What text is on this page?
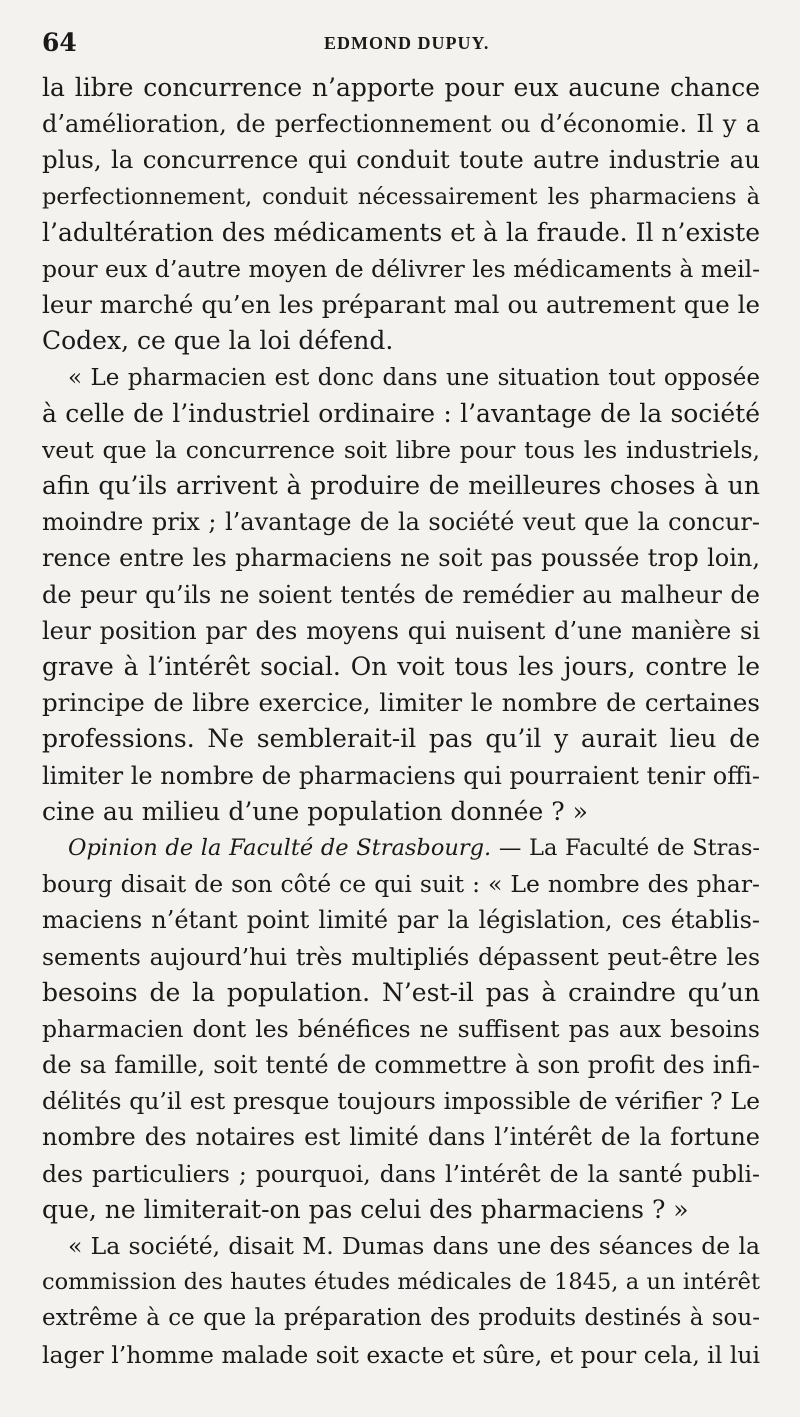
64	EDMOND DUPUY.
la libre concurrence n’apporte pour eux aucune chance
d’amélioration, de perfectionnement ou d’économie. Il y a
plus, la concurrence qui conduit toute autre industrie au
perfectionnement, conduit nécessairement les pharmaciens à
l’adultération des médicaments et à la fraude. Il n’existe
pour eux d’autre moyen de délivrer les médicaments à meil-
leur marché qu’en les préparant mal ou autrement que le
Codex, ce que la loi défend.
« Le pharmacien est donc dans une situation tout opposée
à celle de l’industriel ordinaire : l’avantage de la société
veut que la concurrence soit libre pour tous les industriels,
afin qu’ils arrivent à produire de meilleures choses à un
moindre prix ; l’avantage de la société veut que la concur-
rence entre les pharmaciens ne soit pas poussée trop loin,
de peur qu’ils ne soient tentés de remédier au malheur de
leur position par des moyens qui nuisent d’une manière si
grave à l’intérêt social. On voit tous les jours, contre le
principe de libre exercice, limiter le nombre de certaines
professions. Ne semblerait-il pas qu’il y aurait lieu de
limiter le nombre de pharmaciens qui pourraient tenir offi-
cine au milieu d’une population donnée ? »
Opinion de la Faculté de Strasbourg. — La Faculté de Stras-
bourg disait de son côté ce qui suit : « Le nombre des phar-
maciens n’étant point limité par la législation, ces établis-
sements aujourd’hui très multipliés dépassent peut-être les
besoins de la population. N’est-il pas à craindre qu’un
pharmacien dont les bénéfices ne suffisent pas aux besoins
de sa famille, soit tenté de commettre à son profit des infi-
délités qu’il est presque toujours impossible de vérifier ? Le
nombre des notaires est limité dans l’intérêt de la fortune
des particuliers ; pourquoi, dans l’intérêt de la santé publi-
que, ne limiterait-on pas celui des pharmaciens ? »
« La société, disait M. Dumas dans une des séances de la
commission des hautes études médicales de 1845, a un intérêt
extrême à ce que la préparation des produits destinés à sou-
lager l’homme malade soit exacte et sûre, et pour cela, il lui
